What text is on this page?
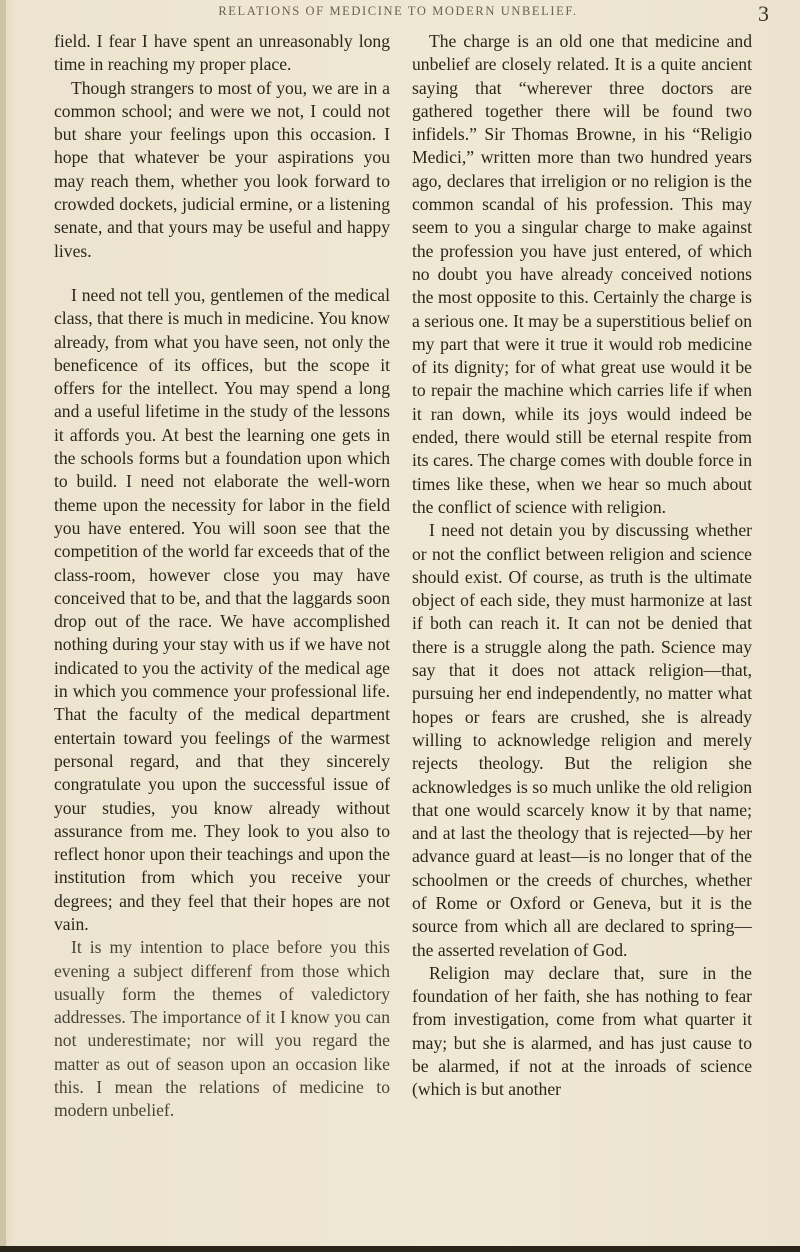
RELATIONS OF MEDICINE TO MODERN UNBELIEF.	3

field. I fear I have spent an unreasonably long time in reaching my proper place.

Though strangers to most of you, we are in a common school; and were we not, I could not but share your feelings upon this occasion. I hope that whatever be your aspirations you may reach them, whether you look forward to crowded dockets, judicial ermine, or a listening senate, and that yours may be useful and happy lives.

I need not tell you, gentlemen of the medical class, that there is much in medicine. You know already, from what you have seen, not only the beneficence of its offices, but the scope it offers for the intellect. You may spend a long and a useful lifetime in the study of the lessons it affords you. At best the learning one gets in the schools forms but a foundation upon which to build. I need not elaborate the well-worn theme upon the necessity for labor in the field you have entered. You will soon see that the competition of the world far exceeds that of the class-room, however close you may have conceived that to be, and that the laggards soon drop out of the race. We have accomplished nothing during your stay with us if we have not indicated to you the activity of the medical age in which you commence your professional life. That the faculty of the medical department entertain toward you feelings of the warmest personal regard, and that they sincerely congratulate you upon the successful issue of your studies, you know already without assurance from me. They look to you also to reflect honor upon their teachings and upon the institution from which you receive your degrees; and they feel that their hopes are not vain.

It is my intention to place before you this evening a subject differenf from those which usually form the themes of valedictory addresses. The importance of it I know you can not underestimate; nor will you regard the matter as out of season upon an occasion like this. I mean the relations of medicine to modern unbelief.

The charge is an old one that medicine and unbelief are closely related. It is a quite ancient saying that “wherever three doctors are gathered together there will be found two infidels.” Sir Thomas Browne, in his “Religio Medici,” written more than two hundred years ago, declares that irreligion or no religion is the common scandal of his profession. This may seem to you a singular charge to make against the profession you have just entered, of which no doubt you have already conceived notions the most opposite to this. Certainly the charge is a serious one. It may be a superstitious belief on my part that were it true it would rob medicine of its dignity; for of what great use would it be to repair the machine which carries life if when it ran down, while its joys would indeed be ended, there would still be eternal respite from its cares. The charge comes with double force in times like these, when we hear so much about the conflict of science with religion.

I need not detain you by discussing whether or not the conflict between religion and science should exist. Of course, as truth is the ultimate object of each side, they must harmonize at last if both can reach it. It can not be denied that there is a struggle along the path. Science may say that it does not attack religion—that, pursuing her end independently, no matter what hopes or fears are crushed, she is already willing to acknowledge religion and merely rejects theology. But the religion she acknowledges is so much unlike the old religion that one would scarcely know it by that name; and at last the theology that is rejected—by her advance guard at least—is no longer that of the schoolmen or the creeds of churches, whether of Rome or Oxford or Geneva, but it is the source from which all are declared to spring—the asserted revelation of God.

Religion may declare that, sure in the foundation of her faith, she has nothing to fear from investigation, come from what quarter it may; but she is alarmed, and has just cause to be alarmed, if not at the inroads of science (which is but another
